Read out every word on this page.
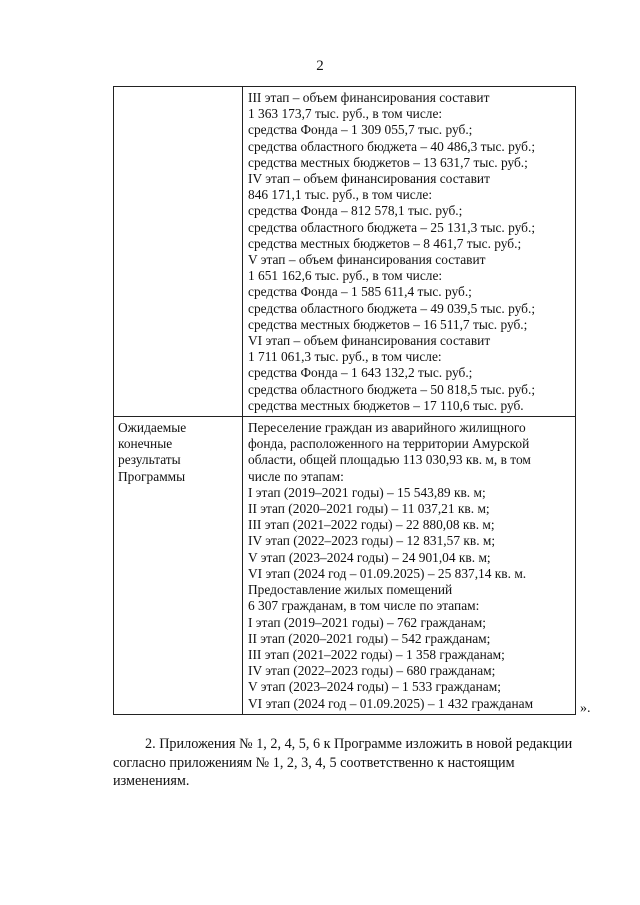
2
III этап – объем финансирования составит
1 363 173,7 тыс. руб., в том числе:
средства Фонда – 1 309 055,7 тыс. руб.;
средства областного бюджета – 40 486,3 тыс. руб.;
средства местных бюджетов – 13 631,7 тыс. руб.;
IV этап – объем финансирования составит
846 171,1 тыс. руб., в том числе:
средства Фонда – 812 578,1 тыс. руб.;
средства областного бюджета – 25 131,3 тыс. руб.;
средства местных бюджетов – 8 461,7 тыс. руб.;
V этап – объем финансирования составит
1 651 162,6 тыс. руб., в том числе:
средства Фонда – 1 585 611,4 тыс. руб.;
средства областного бюджета – 49 039,5 тыс. руб.;
средства местных бюджетов – 16 511,7 тыс. руб.;
VI этап – объем финансирования составит
1 711 061,3 тыс. руб., в том числе:
средства Фонда – 1 643 132,2 тыс. руб.;
средства областного бюджета – 50 818,5 тыс. руб.;
средства местных бюджетов – 17 110,6 тыс. руб.
Ожидаемые
конечные
результаты
Программы
Переселение граждан из аварийного жилищного
фонда, расположенного на территории Амурской
области, общей площадью 113 030,93 кв. м, в том
числе по этапам:
I этап (2019–2021 годы) – 15 543,89 кв. м;
II этап (2020–2021 годы) – 11 037,21 кв. м;
III этап (2021–2022 годы) – 22 880,08 кв. м;
IV этап (2022–2023 годы) – 12 831,57 кв. м;
V этап (2023–2024 годы) – 24 901,04 кв. м;
VI этап (2024 год – 01.09.2025) – 25 837,14 кв. м.
Предоставление жилых помещений
6 307 гражданам, в том числе по этапам:
I этап (2019–2021 годы) – 762 гражданам;
II этап (2020–2021 годы) – 542 гражданам;
III этап (2021–2022 годы) – 1 358 гражданам;
IV этап (2022–2023 годы) – 680 гражданам;
V этап (2023–2024 годы) – 1 533 гражданам;
VI этап (2024 год – 01.09.2025) – 1 432 гражданам	».
2. Приложения № 1, 2, 4, 5, 6 к Программе изложить в новой редакции
согласно приложениям № 1, 2, 3, 4, 5 соответственно к настоящим
изменениям.
